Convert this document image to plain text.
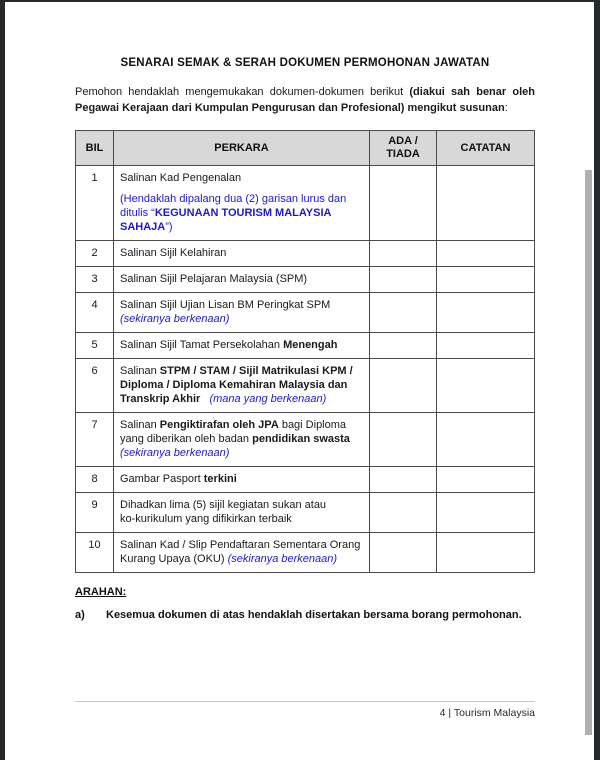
SENARAI SEMAK & SERAH DOKUMEN PERMOHONAN JAWATAN

Pemohon hendaklah mengemukakan dokumen-dokumen berikut (diakui sah benar oleh Pegawai Kerajaan dari Kumpulan Pengurusan dan Profesional) mengikut susunan:

BIL	PERKARA	ADA / TIADA	CATATAN
1	Salinan Kad Pengenalan
(Hendaklah dipalang dua (2) garisan lurus dan ditulis “KEGUNAAN TOURISM MALAYSIA SAHAJA”)		
2	Salinan Sijil Kelahiran		
3	Salinan Sijil Pelajaran Malaysia (SPM)		
4	Salinan Sijil Ujian Lisan BM Peringkat SPM
(sekiranya berkenaan)		
5	Salinan Sijil Tamat Persekolahan Menengah		
6	Salinan STPM / STAM / Sijil Matrikulasi KPM / Diploma / Diploma Kemahiran Malaysia dan Transkrip Akhir (mana yang berkenaan)		
7	Salinan Pengiktirafan oleh JPA bagi Diploma yang diberikan oleh badan pendidikan swasta
(sekiranya berkenaan)		
8	Gambar Pasport terkini		
9	Dihadkan lima (5) sijil kegiatan sukan atau
ko-kurikulum yang difikirkan terbaik		
10	Salinan Kad / Slip Pendaftaran Sementara Orang Kurang Upaya (OKU) (sekiranya berkenaan)		
ARAHAN:
a)	Kesemua dokumen di atas hendaklah disertakan bersama borang permohonan.
4 | Tourism Malaysia
